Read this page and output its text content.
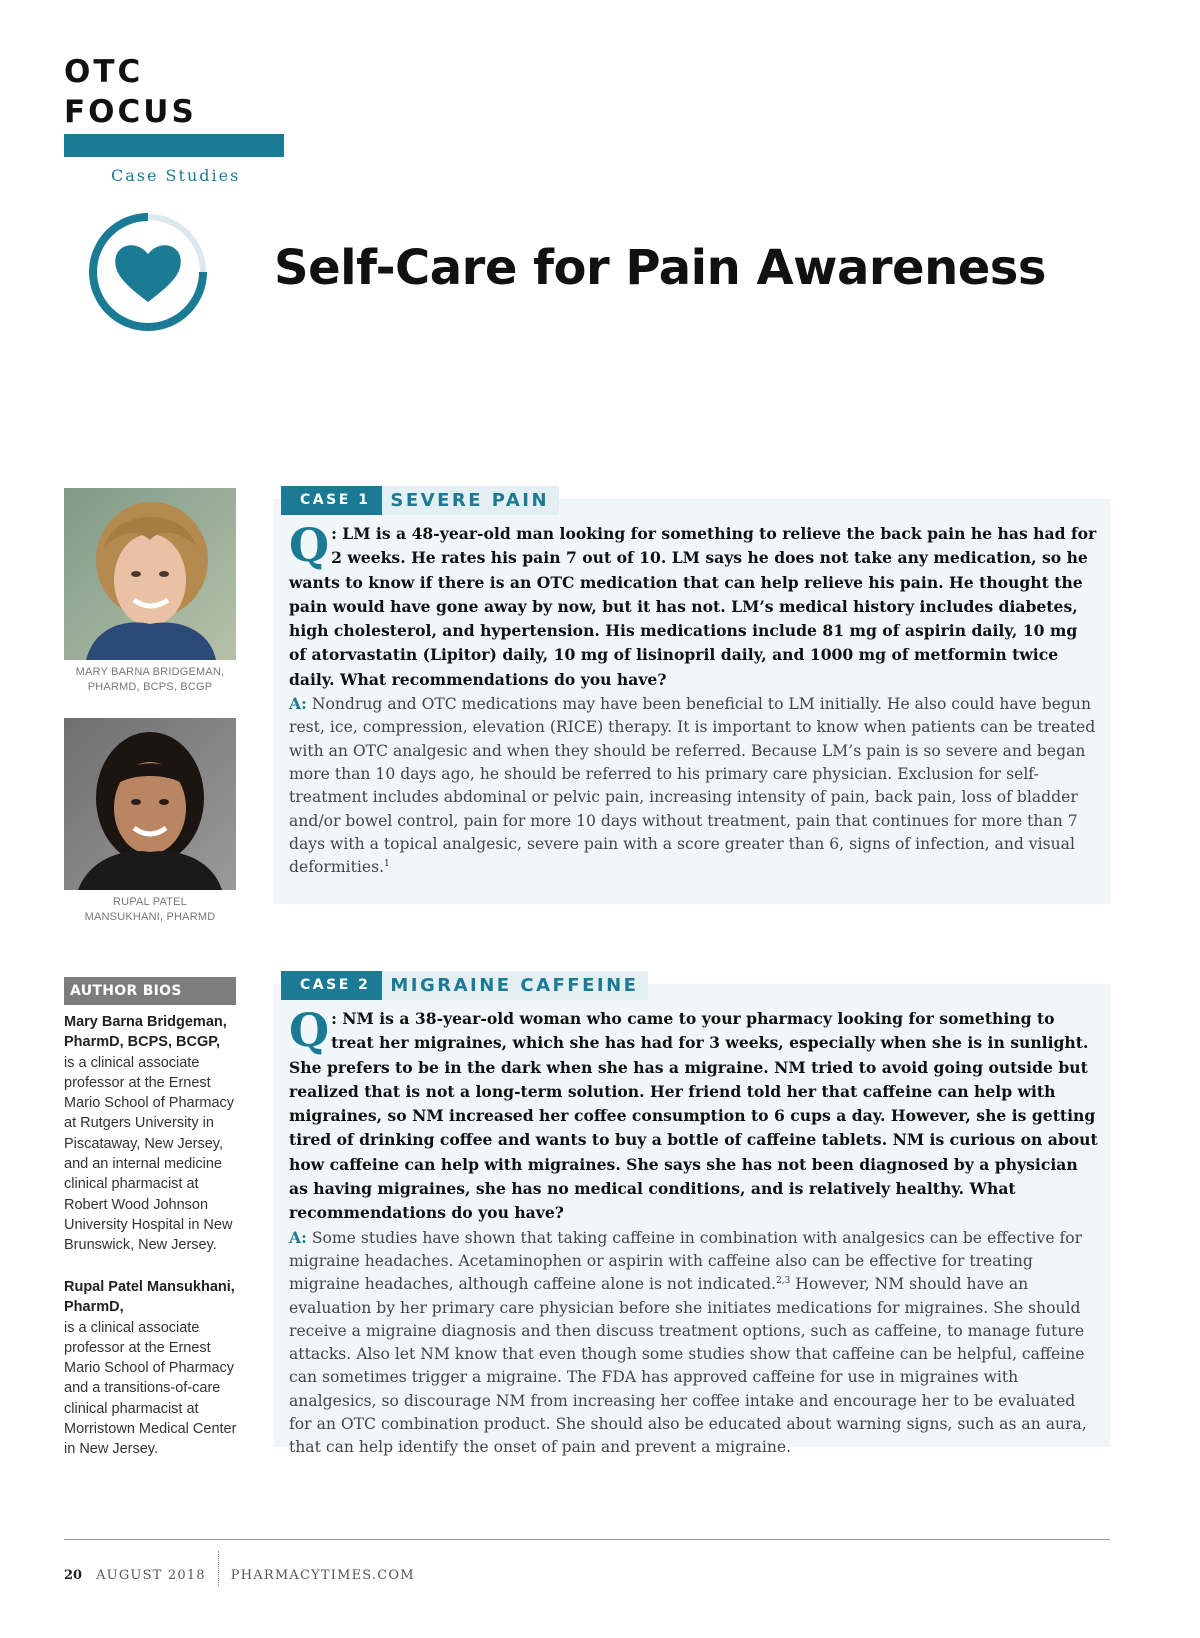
OTC FOCUS
Case Studies
Self-Care for Pain Awareness
MARY BARNA BRIDGEMAN,
PHARMD, BCPS, BCGP
RUPAL PATEL
MANSUKHANI, PHARMD
AUTHOR BIOS
Mary Barna Bridgeman, PharmD, BCPS, BCGP,
is a clinical associate professor at the Ernest Mario School of Pharmacy at Rutgers University in Piscataway, New Jersey, and an internal medicine clinical pharmacist at Robert Wood Johnson University Hospital in New Brunswick, New Jersey.
Rupal Patel Mansukhani, PharmD,
is a clinical associate professor at the Ernest Mario School of Pharmacy and a transitions-of-care clinical pharmacist at Morristown Medical Center in New Jersey.
CASE 1	SEVERE PAIN

Q : LM is a 48-year-old man looking for something to relieve the back pain he has had for 2 weeks. He rates his pain 7 out of 10. LM says he does not take any medication, so he wants to know if there is an OTC medication that can help relieve his pain. He thought the pain would have gone away by now, but it has not. LM’s medical history includes diabetes, high cholesterol, and hypertension. His medications include 81 mg of aspirin daily, 10 mg of atorvastatin (Lipitor) daily, 10 mg of lisinopril daily, and 1000 mg of metformin twice daily. What recommendations do you have?

A: Nondrug and OTC medications may have been beneficial to LM initially. He also could have begun rest, ice, compression, elevation (RICE) therapy. It is important to know when patients can be treated with an OTC analgesic and when they should be referred. Because LM’s pain is so severe and began more than 10 days ago, he should be referred to his primary care physician. Exclusion for self-treatment includes abdominal or pelvic pain, increasing intensity of pain, back pain, loss of bladder and/or bowel control, pain for more 10 days without treatment, pain that continues for more than 7 days with a topical analgesic, severe pain with a score greater than 6, signs of infection, and visual deformities.$^1$

CASE 2	MIGRAINE CAFFEINE

Q : NM is a 38-year-old woman who came to your pharmacy looking for something to treat her migraines, which she has had for 3 weeks, especially when she is in sunlight. She prefers to be in the dark when she has a migraine. NM tried to avoid going outside but realized that is not a long-term solution. Her friend told her that caffeine can help with migraines, so NM increased her coffee consumption to 6 cups a day. However, she is getting tired of drinking coffee and wants to buy a bottle of caffeine tablets. NM is curious on about how caffeine can help with migraines. She says she has not been diagnosed by a physician as having migraines, she has no medical conditions, and is relatively healthy. What recommendations do you have?

A: Some studies have shown that taking caffeine in combination with analgesics can be effective for migraine headaches. Acetaminophen or aspirin with caffeine also can be effective for treating migraine headaches, although caffeine alone is not indicated.$^{2,3}$ However, NM should have an evaluation by her primary care physician before she initiates medications for migraines. She should receive a migraine diagnosis and then discuss treatment options, such as caffeine, to manage future attacks. Also let NM know that even though some studies show that caffeine can be helpful, caffeine can sometimes trigger a migraine. The FDA has approved caffeine for use in migraines with analgesics, so discourage NM from increasing her coffee intake and encourage her to be evaluated for an OTC combination product. She should also be educated about warning signs, such as an aura, that can help identify the onset of pain and prevent a migraine.

20 AUGUST 2018 PHARMACYTIMES.COM
